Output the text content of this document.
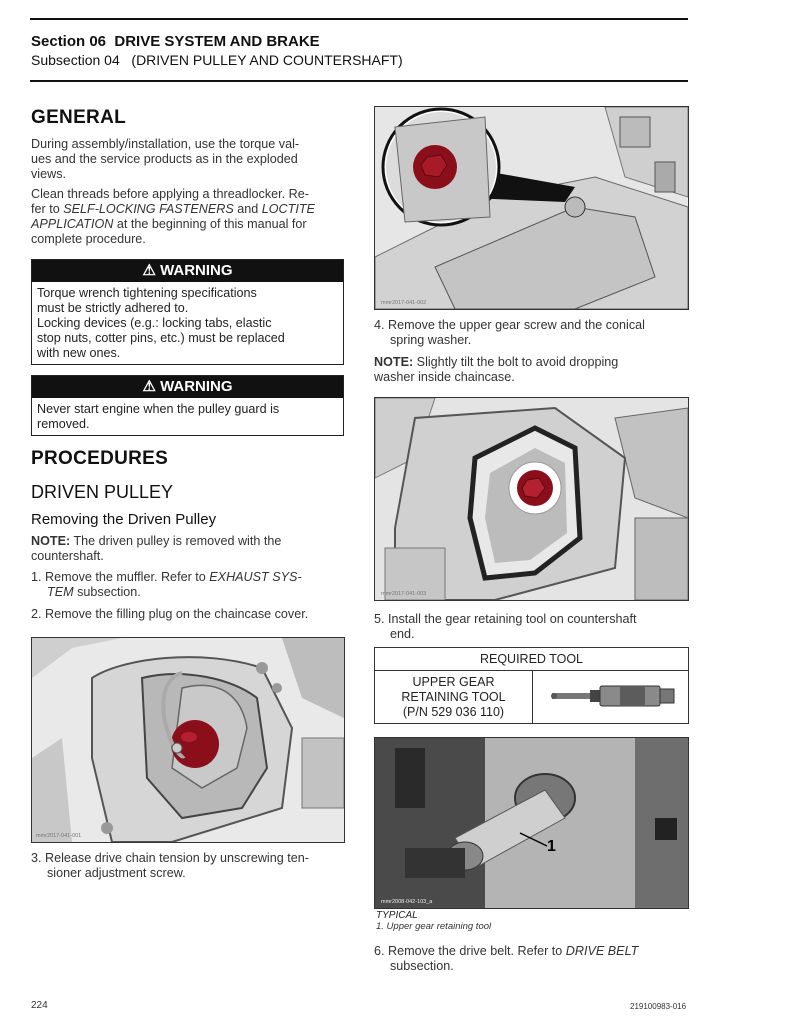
Section 06 DRIVE SYSTEM AND BRAKE
Subsection 04 (DRIVEN PULLEY AND COUNTERSHAFT)
GENERAL
During assembly/installation, use the torque val-
ues and the service products as in the exploded
views.
Clean threads before applying a threadlocker. Re-
fer to SELF-LOCKING FASTENERS and LOCTITE
APPLICATION at the beginning of this manual for
complete procedure.
⚠ WARNING
Torque wrench tightening specifications
must be strictly adhered to.
Locking devices (e.g.: locking tabs, elastic
stop nuts, cotter pins, etc.) must be replaced
with new ones.
⚠ WARNING
Never start engine when the pulley guard is
removed.
PROCEDURES
DRIVEN PULLEY
Removing the Driven Pulley
NOTE: The driven pulley is removed with the
countershaft.
1. Remove the muffler. Refer to EXHAUST SYS-
TEM subsection.
2. Remove the filling plug on the chaincase cover.
mmr2017-041-001
3. Release drive chain tension by unscrewing ten-
sioner adjustment screw.
mmr2017-041-002
4. Remove the upper gear screw and the conical
spring washer.
NOTE: Slightly tilt the bolt to avoid dropping
washer inside chaincase.
mmr2017-041-003
5. Install the gear retaining tool on countershaft
end.
REQUIRED TOOL
UPPER GEAR
RETAINING TOOL
(P/N 529 036 110)
1
mmr2008-042-103_a
TYPICAL
1. Upper gear retaining tool
6. Remove the drive belt. Refer to DRIVE BELT
subsection.
224	219100983-016
